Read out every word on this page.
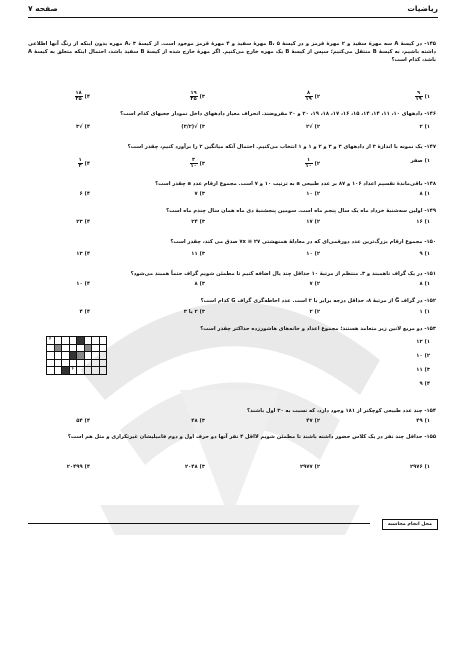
ریاضیات
صفحه ۷
۱۴۵- در کیسهٔ A سه مهرهٔ سفید و ۲ مهرهٔ قرمز و در کیسهٔ B، ۵ مهرهٔ سفید و ۴ مهرهٔ قرمز موجود است. از کیسهٔ A، ۳ مهره بدون اینکه از رنگ آنها اطلاعی داشته باشیم، به کیسهٔ B منتقل می‌کنیم؛ سپس از کیسهٔ B یک مهره خارج می‌کنیم. اگر مهرهٔ خارج شده از کیسهٔ B سفید باشد، احتمال اینکه متعلق به کیسهٔ A باشد، کدام است؟
۱)
$\frac{۹}{۱۹}$
۲)
$\frac{۸}{۱۹}$
۳)
$\frac{۱۹}{۴۵}$
۴)
$\frac{۱۸}{۴۵}$
۱۴۶- دادههای ۱۰، ۱۱، ۱۴، ۱۴، ۱۵، ۱۶، ۱۷، ۱۸، ۱۹، ۲۰ و ۲۰ مفروضند. انحراف معیار دادههای داخل نمودار جعبهای کدام است؟
۱) ۲
۲) √۲
۳) √(۳/۲)
۴) √۳
۱۴۷- یک نمونه با اندازهٔ ۳ از دادههای ۳ و ۳ و ۲ و ۱ و ۱ انتخاب می‌کنیم. احتمال آنکه میانگین ۲ را برآورد کنیم، چقدر است؟
۱) صفر
۲)
$\frac{۱}{۱۰}$
۳)
$\frac{۳}{۱۰}$
۴)
$\frac{۱}{۴}$
۱۴۸- باقی‌ماندهٔ تقسیم اعداد ۱۰۶ و ۸۷ بر عدد طبیعی a به ترتیب ۱۰ و ۷ است. مجموع ارقام عدد a چقدر است؟
۱) ۸
۲) ۱۰
۳) ۷
۴) ۶
۱۴۹- اولین سه‌شنبهٔ خرداد ماه یک سال پنجم ماه است. سومین پنجشنبهٔ دی ماه همان سال چندم ماه است؟
۱) ۱۶
۲) ۱۷
۳) ۲۴
۴) ۲۳
۱۵۰- مجموع ارقام بزرگ‌ترین عدد دورقمی‌ای که در معادلهٔ همنهشتی ۲۷ ≡ ۷x صدق می‌ کند، چقدر است؟
۱) ۹
۲) ۱۰
۳) ۱۱
۴) ۱۳
۱۵۱- در یک گراف ناهمبند و ۳ـ منتظم از مرتبهٔ ۱۰ حداقل چند یال اضافه کنیم تا مطمئن شویم گراف حتماً همبند می‌شود؟
۱) ۸
۲) ۷
۳) ۸
۴) ۱۰
۱۵۲- در گراف G̅ از مرتبهٔ ۸، حداقل درجه برابر با ۲ است. عدد احاطه‌گری گراف G کدام است؟
۱) ۱
۲) ۲
۳) ۲ یا ۳
۴) ۴
۱۵۳- دو مربع لاتین زیر متعامد هستند؛ مجموع اعداد و خانه‌های هاشورزده حداکثر چقدر است؟
۱) ۱۲
۲) ۱۰
۳) ۱۱
۴) ۹
۴							

			۴				
۱۵۴- چند عدد طبیعی کوچکتر از ۱۸۱ وجود دارد، که نسبت به ۳۰ اول باشند؟
۱) ۴۹
۲) ۴۷
۳) ۴۸
۴) ۵۴
۱۵۵- حداقل چند نفر در یک کلاس حضور داشته باشند تا مطمئن شویم لااقل ۴ نفر آنها دو حرف اول و دوم فامیلیشان غیرتکراری و مثل هم است؟
۱) ۲۹۷۶
۲) ۲۹۷۷
۳) ۲۰۴۸
۴) ۲۰۴۹۹
محل انجام محاسبه
